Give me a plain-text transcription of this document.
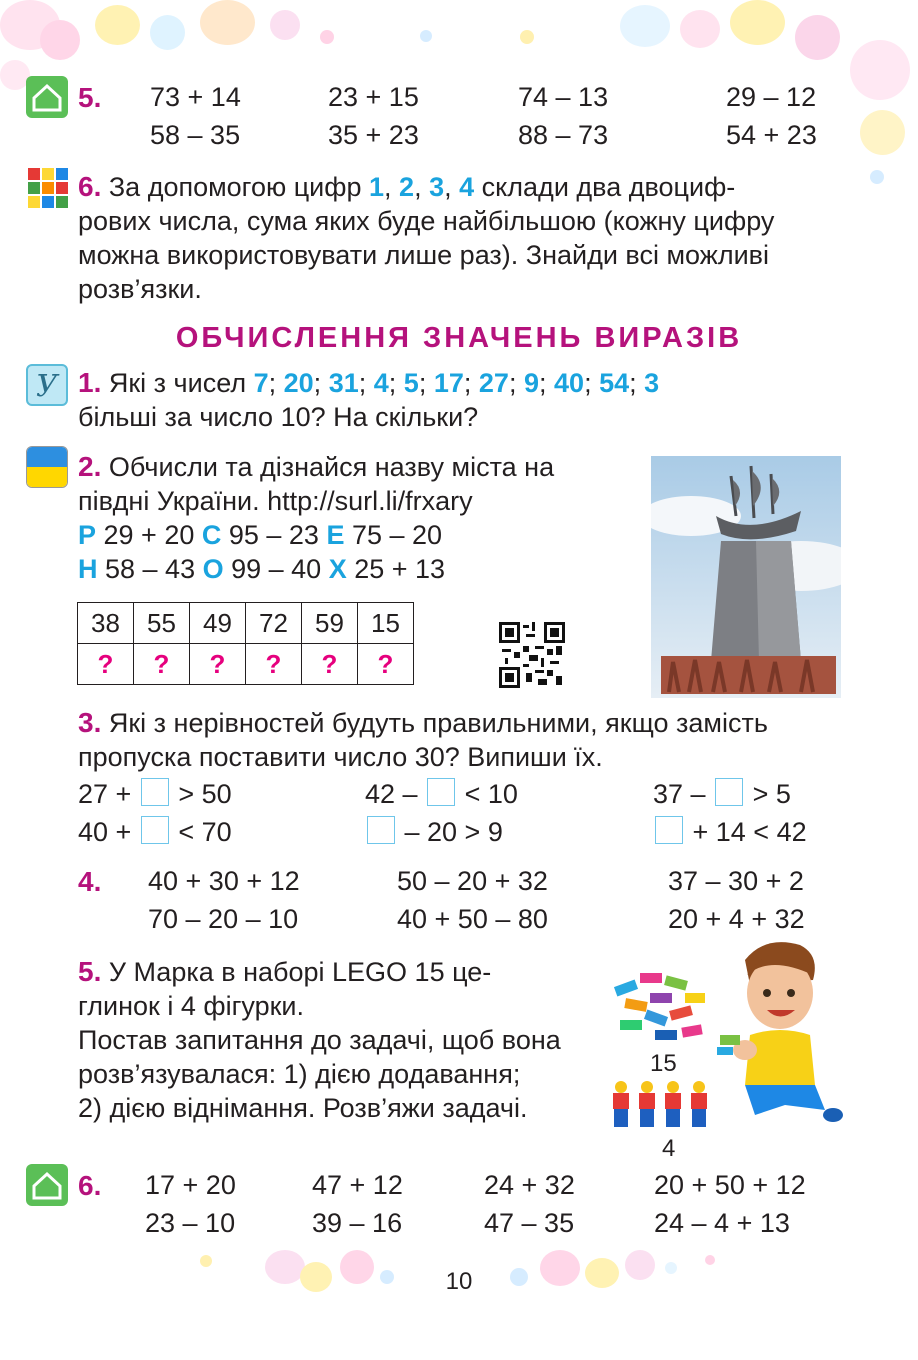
5. 73 + 14	23 + 15	74 – 13	29 – 12
58 – 35	35 + 23	88 – 73	54 + 23
6. За допомогою цифр 1, 2, 3, 4 склади два двоциф-
рових числа, сума яких буде найбільшою (кожну цифру
можна використовувати лише раз). Знайди всі можливі
розв’язки.
ОБЧИСЛЕННЯ ЗНАЧЕНЬ ВИРАЗІВ
У 1. Які з чисел 7; 20; 31; 4; 5; 17; 27; 9; 40; 54; 3
більші за число 10? На скільки?
2. Обчисли та дізнайся назву міста на
півдні України. http://surl.li/frxary
Р 29 + 20 С 95 – 23 Е 75 – 20
Н 58 – 43 О 99 – 40 Х 25 + 13
38	55	49	72	59	15
?	?	?	?	?	?
3. Які з нерівностей будуть правильними, якщо замість
пропуска поставити число 30? Випиши їх.
27 +  > 50	42 –  < 10	37 –  > 5
40 +  < 70	– 20 > 9	+ 14 < 42
4. 40 + 30 + 12	50 – 20 + 32	37 – 30 + 2
70 – 20 – 10	40 + 50 – 80	20 + 4 + 32
5. У Марка в наборі LEGO 15 це-
глинок і 4 фігурки.
Постав запитання до задачі, щоб вона
розв’язувалася: 1) дією додавання;
2) дією віднімання. Розв’яжи задачі.
15
4
6. 17 + 20	47 + 12	24 + 32	20 + 50 + 12
23 – 10	39 – 16	47 – 35	24 – 4 + 13
10
